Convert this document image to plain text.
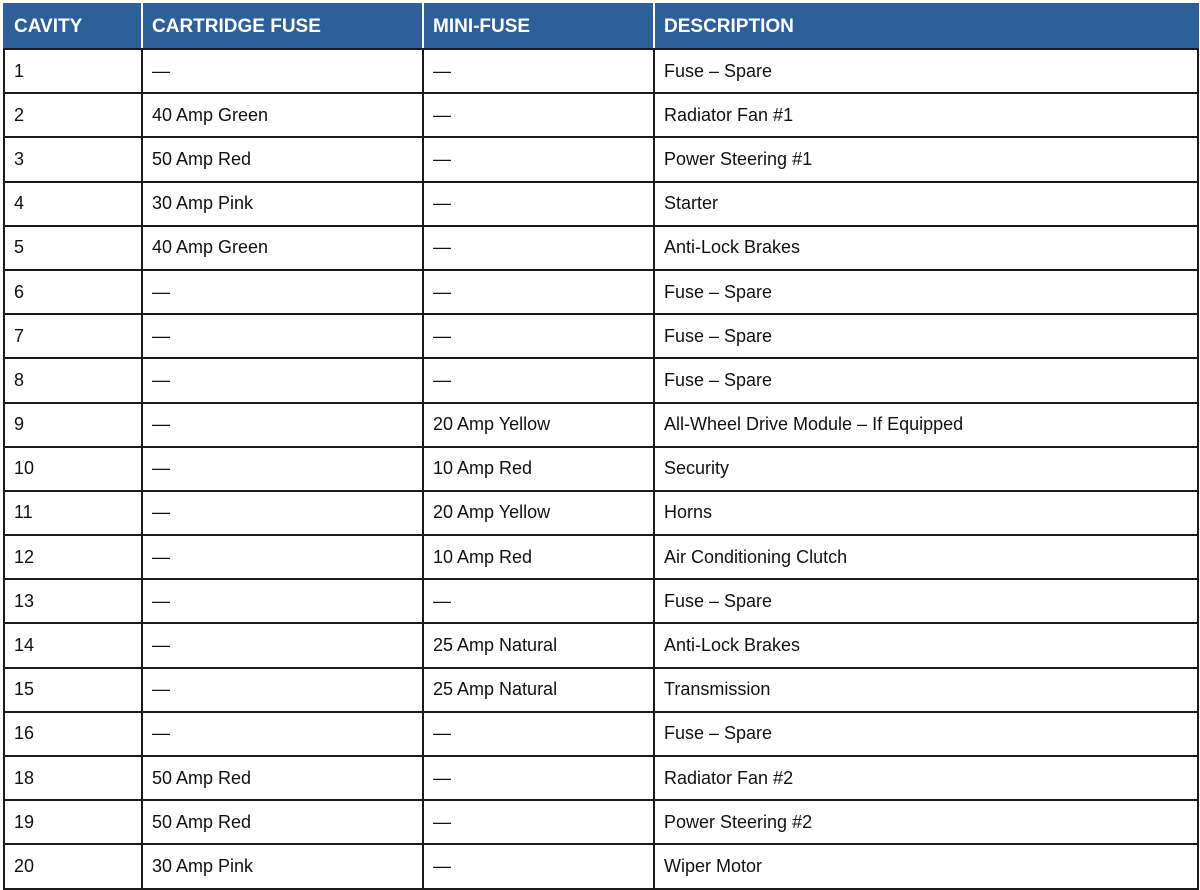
CAVITY	CARTRIDGE FUSE	MINI-FUSE	DESCRIPTION
1	—	—	Fuse – Spare
2	40 Amp Green	—	Radiator Fan #1
3	50 Amp Red	—	Power Steering #1
4	30 Amp Pink	—	Starter
5	40 Amp Green	—	Anti-Lock Brakes
6	—	—	Fuse – Spare
7	—	—	Fuse – Spare
8	—	—	Fuse – Spare
9	—	20 Amp Yellow	All-Wheel Drive Module – If Equipped
10	—	10 Amp Red	Security
11	—	20 Amp Yellow	Horns
12	—	10 Amp Red	Air Conditioning Clutch
13	—	—	Fuse – Spare
14	—	25 Amp Natural	Anti-Lock Brakes
15	—	25 Amp Natural	Transmission
16	—	—	Fuse – Spare
18	50 Amp Red	—	Radiator Fan #2
19	50 Amp Red	—	Power Steering #2
20	30 Amp Pink	—	Wiper Motor
